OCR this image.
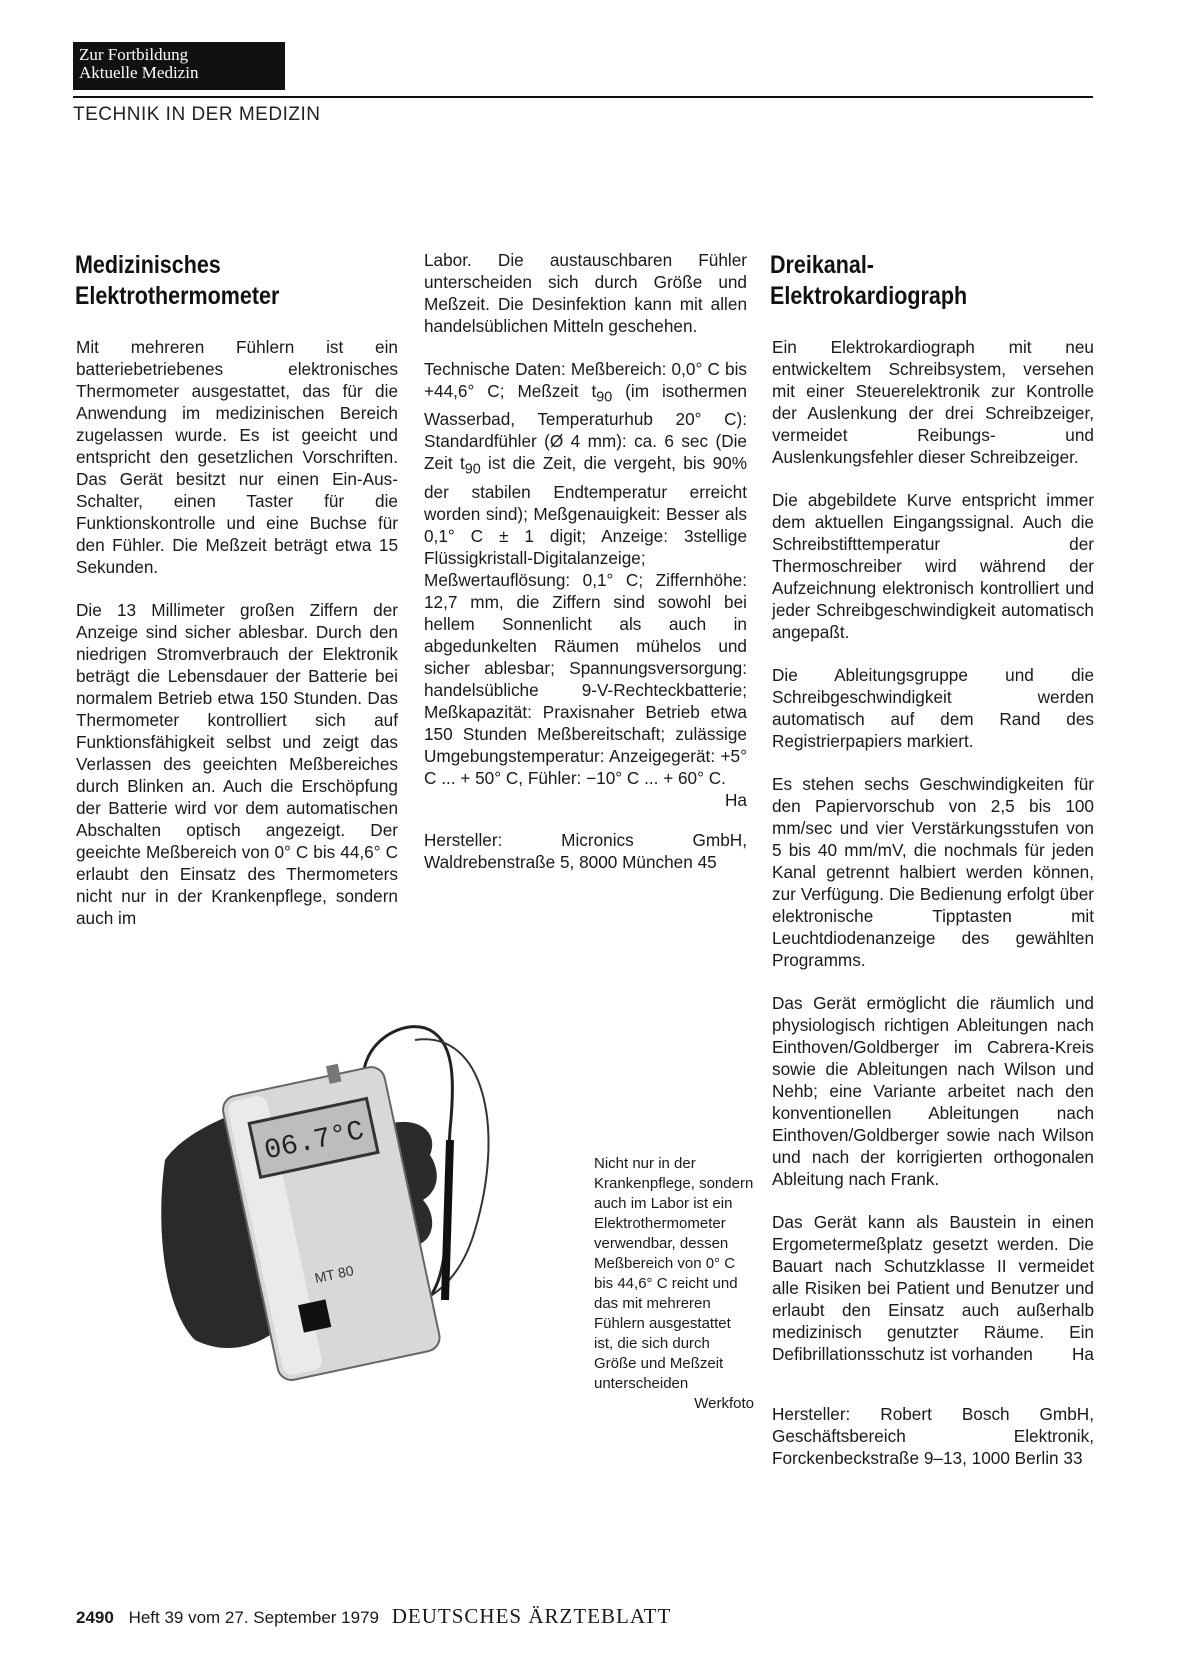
Zur Fortbildung
Aktuelle Medizin
TECHNIK IN DER MEDIZIN
Medizinisches
Elektrothermometer

Mit mehreren Fühlern ist ein batteriebetriebenes elektronisches Thermometer ausgestattet, das für die Anwendung im medizinischen Bereich zugelassen wurde. Es ist geeicht und entspricht den gesetzlichen Vorschriften. Das Gerät besitzt nur einen Ein-Aus-Schalter, einen Taster für die Funktionskontrolle und eine Buchse für den Fühler. Die Meßzeit beträgt etwa 15 Sekunden.

Die 13 Millimeter großen Ziffern der Anzeige sind sicher ablesbar. Durch den niedrigen Stromverbrauch der Elektronik beträgt die Lebensdauer der Batterie bei normalem Betrieb etwa 150 Stunden. Das Thermometer kontrolliert sich auf Funktionsfähigkeit selbst und zeigt das Verlassen des geeichten Meßbereiches durch Blinken an. Auch die Erschöpfung der Batterie wird vor dem automatischen Abschalten optisch angezeigt. Der geeichte Meßbereich von 0° C bis 44,6° C erlaubt den Einsatz des Thermometers nicht nur in der Krankenpflege, sondern auch im

Labor. Die austauschbaren Fühler unterscheiden sich durch Größe und Meßzeit. Die Desinfektion kann mit allen handelsüblichen Mitteln geschehen.

Technische Daten: Meßbereich: 0,0° C bis +44,6° C; Meßzeit $t_{90}$ (im isothermen Wasserbad, Temperaturhub 20° C): Standardfühler (Ø 4 mm): ca. 6 sec (Die Zeit $t_{90}$ ist die Zeit, die vergeht, bis 90% der stabilen Endtemperatur erreicht worden sind); Meßgenauigkeit: Besser als 0,1° C ± 1 digit; Anzeige: 3stellige Flüssigkristall-Digitalanzeige; Meßwertauflösung: 0,1° C; Ziffernhöhe: 12,7 mm, die Ziffern sind sowohl bei hellem Sonnenlicht als auch in abgedunkelten Räumen mühelos und sicher ablesbar; Spannungsversorgung: handelsübliche 9-V-Rechteckbatterie; Meßkapazität: Praxisnaher Betrieb etwa 150 Stunden Meßbereitschaft; zulässige Umgebungstemperatur: Anzeigegerät: +5° C ... + 50° C, Fühler: −10° C ... + 60° C.
Ha

Hersteller: Micronics GmbH, Waldrebenstraße 5, 8000 München 45

Dreikanal-
Elektrokardiograph

Ein Elektrokardiograph mit neu entwickeltem Schreibsystem, versehen mit einer Steuerelektronik zur Kontrolle der Auslenkung der drei Schreibzeiger, vermeidet Reibungs- und Auslenkungsfehler dieser Schreibzeiger.

Die abgebildete Kurve entspricht immer dem aktuellen Eingangssignal. Auch die Schreibstifttemperatur der Thermoschreiber wird während der Aufzeichnung elektronisch kontrolliert und jeder Schreibgeschwindigkeit automatisch angepaßt.

Die Ableitungsgruppe und die Schreibgeschwindigkeit werden automatisch auf dem Rand des Registrierpapiers markiert.

Es stehen sechs Geschwindigkeiten für den Papiervorschub von 2,5 bis 100 mm/sec und vier Verstärkungsstufen von 5 bis 40 mm/mV, die nochmals für jeden Kanal getrennt halbiert werden können, zur Verfügung. Die Bedienung erfolgt über elektronische Tipptasten mit Leuchtdiodenanzeige des gewählten Programms.

Das Gerät ermöglicht die räumlich und physiologisch richtigen Ableitungen nach Einthoven/Goldberger im Cabrera-Kreis sowie die Ableitungen nach Wilson und Nehb; eine Variante arbeitet nach den konventionellen Ableitungen nach Einthoven/Goldberger sowie nach Wilson und nach der korrigierten orthogonalen Ableitung nach Frank.

Das Gerät kann als Baustein in einen Ergometermeßplatz gesetzt werden. Die Bauart nach Schutzklasse II vermeidet alle Risiken bei Patient und Benutzer und erlaubt den Einsatz auch außerhalb medizinisch genutzter Räume. Ein Defibrillationsschutz ist vorhanden Ha

Hersteller: Robert Bosch GmbH, Geschäftsbereich Elektronik, Forckenbeckstraße 9–13, 1000 Berlin 33

06.7°C
MT 80
Nicht nur in der Krankenpflege, sondern auch im Labor ist ein Elektrothermometer verwendbar, dessen Meßbereich von 0° C bis 44,6° C reicht und das mit mehreren Fühlern ausgestattet ist, die sich durch Größe und Meßzeit unterscheiden
Werkfoto
2490 Heft 39 vom 27. September 1979 DEUTSCHES ÄRZTEBLATT
